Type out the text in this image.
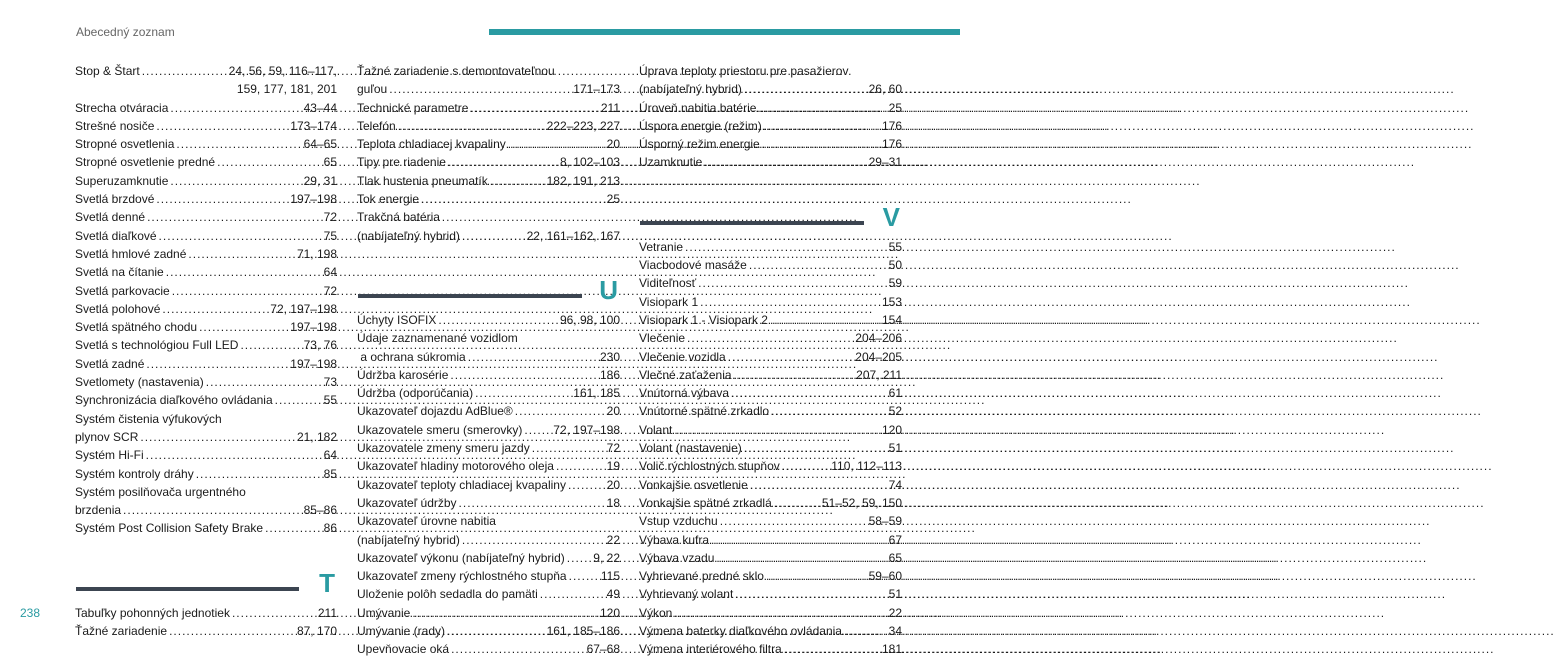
Abecedný zoznam
Stop & Štart .....	24, 56, 59, 116–117,
159, 177, 181, 201
Strecha otváracia .....	43–44
Strešné nosiče .....	173–174
Stropné osvetlenia .....	64–65
Stropné osvetlenie predné .....	65
Superuzamknutie .....	29, 31
Svetlá brzdové .....	197–198
Svetlá denné .....	72
Svetlá diaľkové .....	75
Svetlá hmlové zadné .....	71, 198
Svetlá na čítanie .....	64
Svetlá parkovacie .....	72
Svetlá polohové .....	72, 197–198
Svetlá spätného chodu .....	197–198
Svetlá s technológiou Full LED .....	73, 76
Svetlá zadné .....	197–198
Svetlomety (nastavenia) .....	73
Synchronizácia diaľkového ovládania .....	55
Systém čistenia výfukových
plynov SCR .....	21, 182
Systém Hi-Fi .....	64
Systém kontroly dráhy .....	85
Systém posilňovača urgentného
brzdenia .....	85–86
Systém Post Collision Safety Brake .....	86
T
Tabuľky pohonných jednotiek .....	211
Ťažné zariadenie .....	87, 170
Ťažné zariadenie s demontovateľnou
guľou .....	171–173
Technické parametre .....	211
Telefón .....	222–223, 227
Teplota chladiacej kvapaliny .....	20
Tipy pre riadenie .....	8, 102–103
Tlak hustenia pneumatík .....	182, 191, 213
Tok energie .....	25
Trakčná batéria
(nabíjateľný hybrid) .....	22, 161–162, 167
U
Úchyty ISOFIX .....	96, 98, 100
Údaje zaznamenané vozidlom
a ochrana súkromia .....	230
Údržba karosérie .....	186
Údržba (odporúčania) .....	161, 185
Ukazovateľ dojazdu AdBlue® .....	20
Ukazovatele smeru (smerovky) .....	72, 197–198
Ukazovatele zmeny smeru jazdy .....	72
Ukazovateľ hladiny motorového oleja .....	19
Ukazovateľ teploty chladiacej kvapaliny .....	20
Ukazovateľ údržby .....	18
Ukazovateľ úrovne nabitia
(nabíjateľný hybrid) .....	22
Ukazovateľ výkonu (nabíjateľný hybrid) ..... 9, 22
Ukazovateľ zmeny rýchlostného stupňa .....	115
Uloženie polôh sedadla do pamäti .....	49
Umývanie .....	120
Umývanie (rady) .....	161, 185–186
Upevňovacie oká .....	67–68
Úprava teploty priestoru pre pasažierov
(nabíjateľný hybrid) .....	26, 60
Úroveň nabitia batérie .....	25
Úspora energie (režim) .....	176
Úsporný režim energie .....	176
Uzamknutie .....	29–31
V
Vetranie .....	55
Viacbodové masáže .....	50
Viditeľnosť .....	59
Visiopark 1 .....	153
Visiopark 1 - Visiopark 2 .....	154
Vlečenie .....	204–206
Vlečenie vozidla .....	204–205
Vlečné zaťaženia .....	207, 211
Vnútorná výbava .....	61
Vnútorné spätné zrkadlo .....	52
Volant .....	120
Volant (nastavenie) .....	51
Volič rýchlostných stupňov .....	110, 112–113
Vonkajšie osvetlenie .....	74
Vonkajšie spätné zrkadlá .....	51–52, 59, 150
Vstup vzduchu .....	58–59
Výbava kufra .....	67
Výbava vzadu .....	65
Vyhrievané predné sklo .....	59–60
Vyhrievaný volant .....	51
Výkon .....	22
Výmena baterky diaľkového ovládania .....	34
Výmena interiérového filtra .....	181
238
